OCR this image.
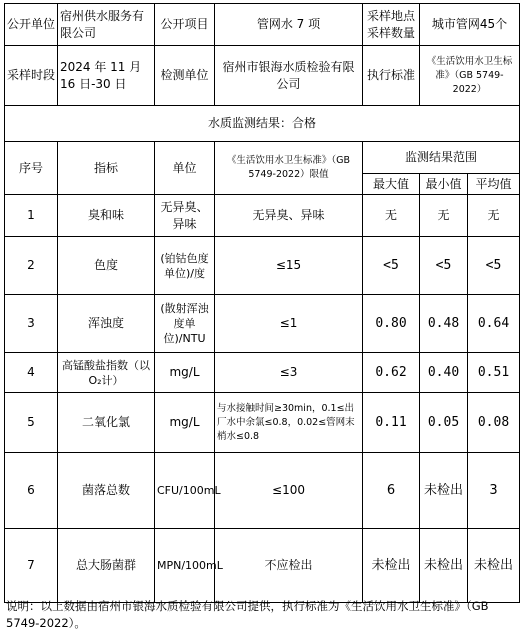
公开单位	宿州供水服务有限公司	公开项目	管网水 7 项	采样地点采样数量	城市管网45个	
采样时段	2024 年 11 月 16 日-30 日	检测单位	宿州市银海水质检验有限公司	执行标准	《生活饮用水卫生标准》（GB 5749-2022）	
水质监测结果：合格						
序号	指标	单位	《生活饮用水卫生标准》（GB 5749-2022）限值	监测结果范围		
				最大值	最小值	平均值
1	臭和味	无异臭、异味	无异臭、异味	无	无	无
2	色度	(铂钴色度单位)/度	≤15	<5	<5	<5
3	浑浊度	(散射浑浊度单位)/NTU	≤1	0.80	0.48	0.64
4	高锰酸盐指数（以O₂计）	mg/L	≤3	0.62	0.40	0.51
5	二氧化氯	mg/L	与水接触时间≥30min，0.1≤出厂水中余氯≤0.8，0.02≤管网末梢水≤0.8	0.11	0.05	0.08
6	菌落总数	CFU/100mL	≤100	6	未检出	3
7	总大肠菌群	MPN/100mL	不应检出	未检出	未检出	未检出
说明：以上数据由宿州市银海水质检验有限公司提供，执行标准为《生活饮用水卫生标准》（GB 5749-2022）。
